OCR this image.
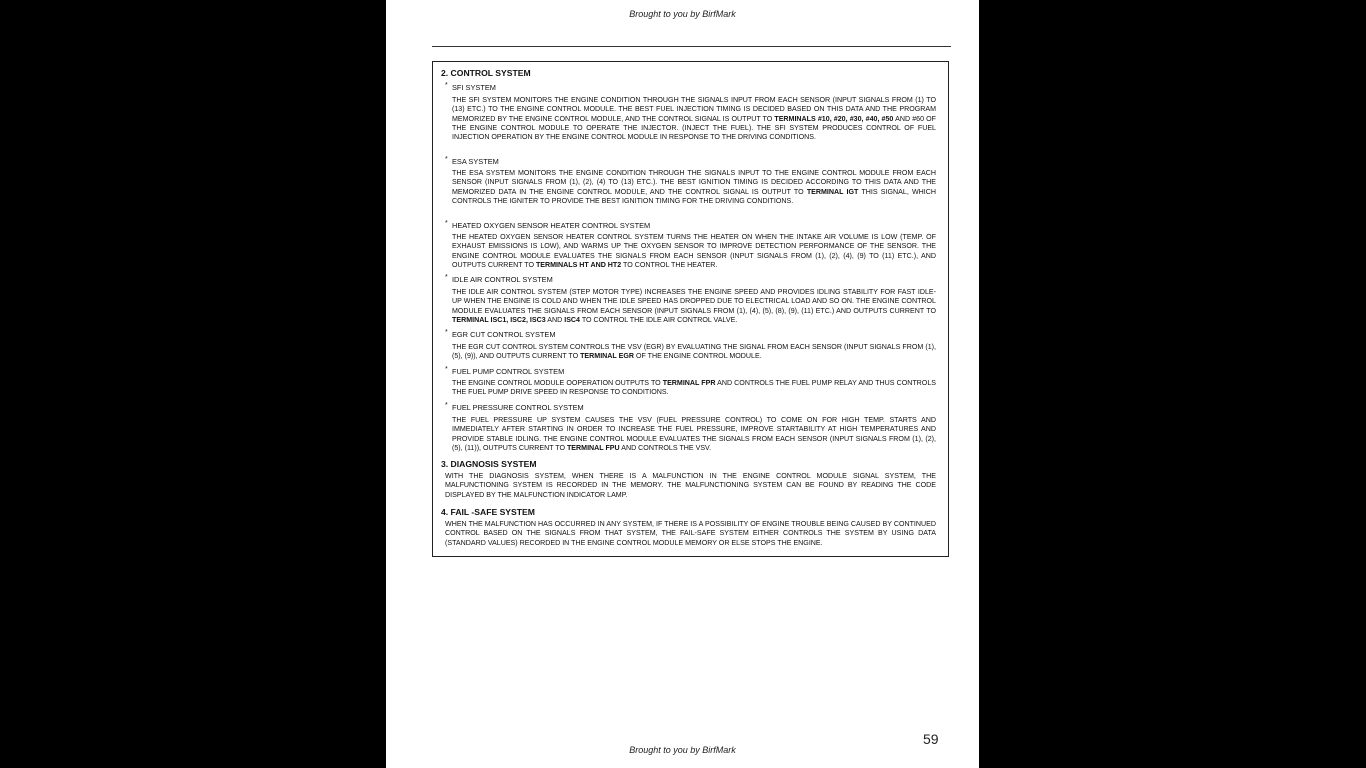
Brought to you by BirfMark
2. CONTROL SYSTEM
* SFI SYSTEM
THE SFI SYSTEM MONITORS THE ENGINE CONDITION THROUGH THE SIGNALS INPUT FROM EACH SENSOR (INPUT SIGNALS FROM (1) TO (13) ETC.) TO THE ENGINE CONTROL MODULE. THE BEST FUEL INJECTION TIMING IS DECIDED BASED ON THIS DATA AND THE PROGRAM MEMORIZED BY THE ENGINE CONTROL MODULE, AND THE CONTROL SIGNAL IS OUTPUT TO TERMINALS #10, #20, #30, #40, #50 AND #60 OF THE ENGINE CONTROL MODULE TO OPERATE THE INJECTOR. (INJECT THE FUEL). THE SFI SYSTEM PRODUCES CONTROL OF FUEL INJECTION OPERATION BY THE ENGINE CONTROL MODULE IN RESPONSE TO THE DRIVING CONDITIONS.
* ESA SYSTEM
THE ESA SYSTEM MONITORS THE ENGINE CONDITION THROUGH THE SIGNALS INPUT TO THE ENGINE CONTROL MODULE FROM EACH SENSOR (INPUT SIGNALS FROM (1), (2), (4) TO (13) ETC.). THE BEST IGNITION TIMING IS DECIDED ACCORDING TO THIS DATA AND THE MEMORIZED DATA IN THE ENGINE CONTROL MODULE, AND THE CONTROL SIGNAL IS OUTPUT TO TERMINAL IGT THIS SIGNAL, WHICH CONTROLS THE IGNITER TO PROVIDE THE BEST IGNITION TIMING FOR THE DRIVING CONDITIONS.
* HEATED OXYGEN SENSOR HEATER CONTROL SYSTEM
THE HEATED OXYGEN SENSOR HEATER CONTROL SYSTEM TURNS THE HEATER ON WHEN THE INTAKE AIR VOLUME IS LOW (TEMP. OF EXHAUST EMISSIONS IS LOW), AND WARMS UP THE OXYGEN SENSOR TO IMPROVE DETECTION PERFORMANCE OF THE SENSOR. THE ENGINE CONTROL MODULE EVALUATES THE SIGNALS FROM EACH SENSOR (INPUT SIGNALS FROM (1), (2), (4), (9) TO (11) ETC.), AND OUTPUTS CURRENT TO TERMINALS HT AND HT2 TO CONTROL THE HEATER.
* IDLE AIR CONTROL SYSTEM
THE IDLE AIR CONTROL SYSTEM (STEP MOTOR TYPE) INCREASES THE ENGINE SPEED AND PROVIDES IDLING STABILITY FOR FAST IDLE-UP WHEN THE ENGINE IS COLD AND WHEN THE IDLE SPEED HAS DROPPED DUE TO ELECTRICAL LOAD AND SO ON. THE ENGINE CONTROL MODULE EVALUATES THE SIGNALS FROM EACH SENSOR (INPUT SIGNALS FROM (1), (4), (5), (8), (9), (11) ETC.) AND OUTPUTS CURRENT TO TERMINAL ISC1, ISC2, ISC3 AND ISC4 TO CONTROL THE IDLE AIR CONTROL VALVE.
* EGR CUT CONTROL SYSTEM
THE EGR CUT CONTROL SYSTEM CONTROLS THE VSV (EGR) BY EVALUATING THE SIGNAL FROM EACH SENSOR (INPUT SIGNALS FROM (1), (5), (9)), AND OUTPUTS CURRENT TO TERMINAL EGR OF THE ENGINE CONTROL MODULE.
* FUEL PUMP CONTROL SYSTEM
THE ENGINE CONTROL MODULE OOPERATION OUTPUTS TO TERMINAL FPR AND CONTROLS THE FUEL PUMP RELAY AND THUS CONTROLS THE FUEL PUMP DRIVE SPEED IN RESPONSE TO CONDITIONS.
* FUEL PRESSURE CONTROL SYSTEM
THE FUEL PRESSURE UP SYSTEM CAUSES THE VSV (FUEL PRESSURE CONTROL) TO COME ON FOR HIGH TEMP. STARTS AND IMMEDIATELY AFTER STARTING IN ORDER TO INCREASE THE FUEL PRESSURE, IMPROVE STARTABILITY AT HIGH TEMPERATURES AND PROVIDE STABLE IDLING. THE ENGINE CONTROL MODULE EVALUATES THE SIGNALS FROM EACH SENSOR (INPUT SIGNALS FROM (1), (2), (5), (11)), OUTPUTS CURRENT TO TERMINAL FPU AND CONTROLS THE VSV.
3. DIAGNOSIS SYSTEM
WITH THE DIAGNOSIS SYSTEM, WHEN THERE IS A MALFUNCTION IN THE ENGINE CONTROL MODULE SIGNAL SYSTEM, THE MALFUNCTIONING SYSTEM IS RECORDED IN THE MEMORY. THE MALFUNCTIONING SYSTEM CAN BE FOUND BY READING THE CODE DISPLAYED BY THE MALFUNCTION INDICATOR LAMP.
4. FAIL -SAFE SYSTEM
WHEN THE MALFUNCTION HAS OCCURRED IN ANY SYSTEM, IF THERE IS A POSSIBILITY OF ENGINE TROUBLE BEING CAUSED BY CONTINUED CONTROL BASED ON THE SIGNALS FROM THAT SYSTEM, THE FAIL-SAFE SYSTEM EITHER CONTROLS THE SYSTEM BY USING DATA (STANDARD VALUES) RECORDED IN THE ENGINE CONTROL MODULE MEMORY OR ELSE STOPS THE ENGINE.
59
Brought to you by BirfMark
